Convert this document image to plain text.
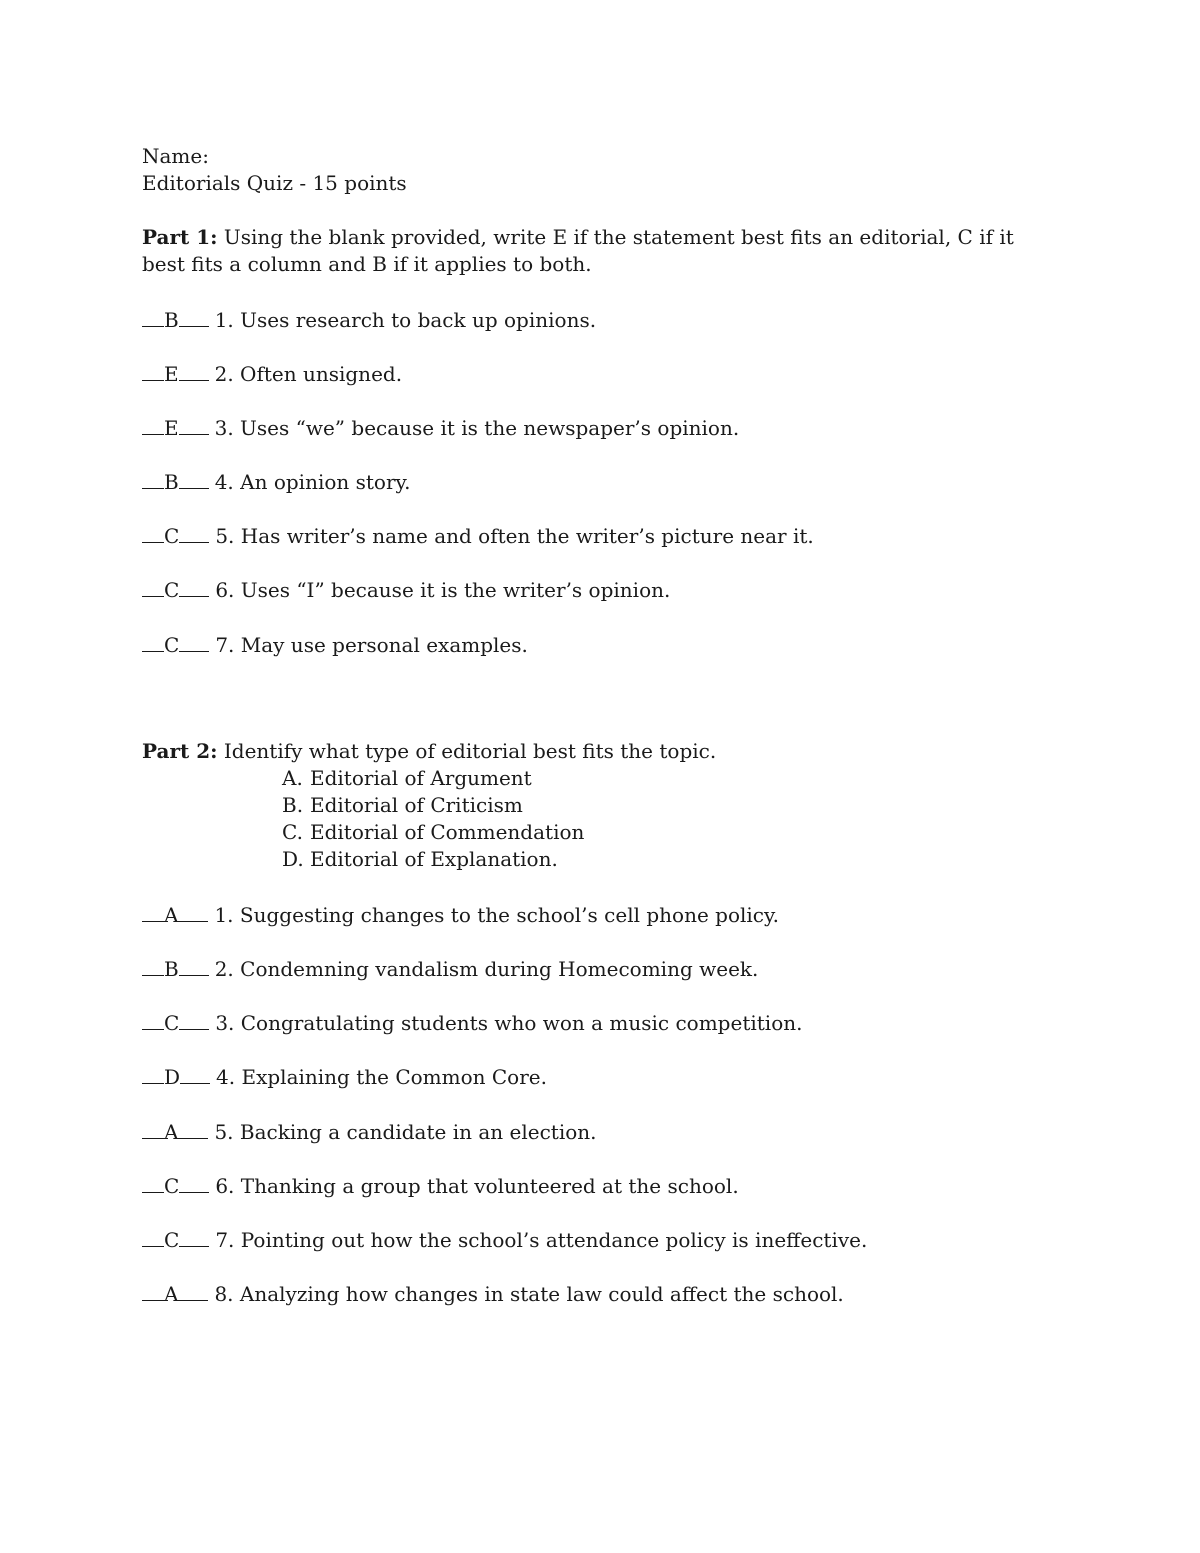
Name:
Editorials Quiz - 15 points
Part 1: Using the blank provided, write E if the statement best fits an editorial, C if it best fits a column and B if it applies to both.
B 1. Uses research to back up opinions.
E 2. Often unsigned.
E 3. Uses “we” because it is the newspaper’s opinion.
B 4. An opinion story.
C 5. Has writer’s name and often the writer’s picture near it.
C 6. Uses “I” because it is the writer’s opinion.
C 7. May use personal examples.
Part 2: Identify what type of editorial best fits the topic.
A. Editorial of Argument
B. Editorial of Criticism
C. Editorial of Commendation
D. Editorial of Explanation.
A 1. Suggesting changes to the school’s cell phone policy.
B 2. Condemning vandalism during Homecoming week.
C 3. Congratulating students who won a music competition.
D 4. Explaining the Common Core.
A 5. Backing a candidate in an election.
C 6. Thanking a group that volunteered at the school.
C 7. Pointing out how the school’s attendance policy is ineffective.
A 8. Analyzing how changes in state law could affect the school.
